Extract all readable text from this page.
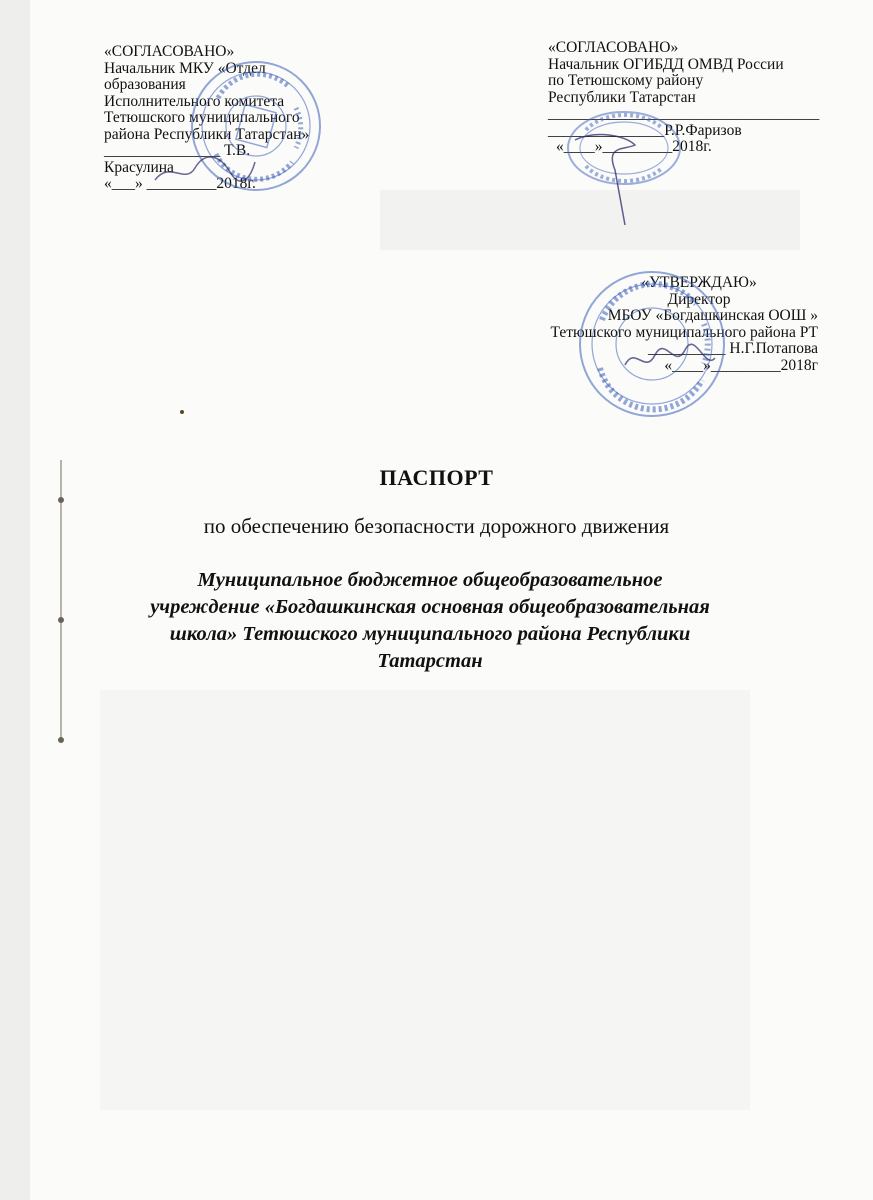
«СОГЛАСОВАНО»
Начальник МКУ «Отдел
образования
Исполнительного комитета
Тетюшского муниципального
района Республики Татарстан»
_______________ Т.В.
Красулина
«___» _________2018г.
«СОГЛАСОВАНО»
Начальник ОГИБДД ОМВД России
по Тетюшскому району
Республики Татарстан
___________________________________
_______________Р.Р.Фаризов
«____»_________2018г.
«УТВЕРЖДАЮ»
Директор
МБОУ «Богдашкинская ООШ »
Тетюшского муниципального района РТ
__________ Н.Г.Потапова
«____»_________2018г
ПАСПОРТ
по обеспечению безопасности дорожного движения
Муниципальное бюджетное общеобразовательное
учреждение «Богдашкинская основная общеобразовательная
школа» Тетюшского муниципального района Республики
Татарстан
